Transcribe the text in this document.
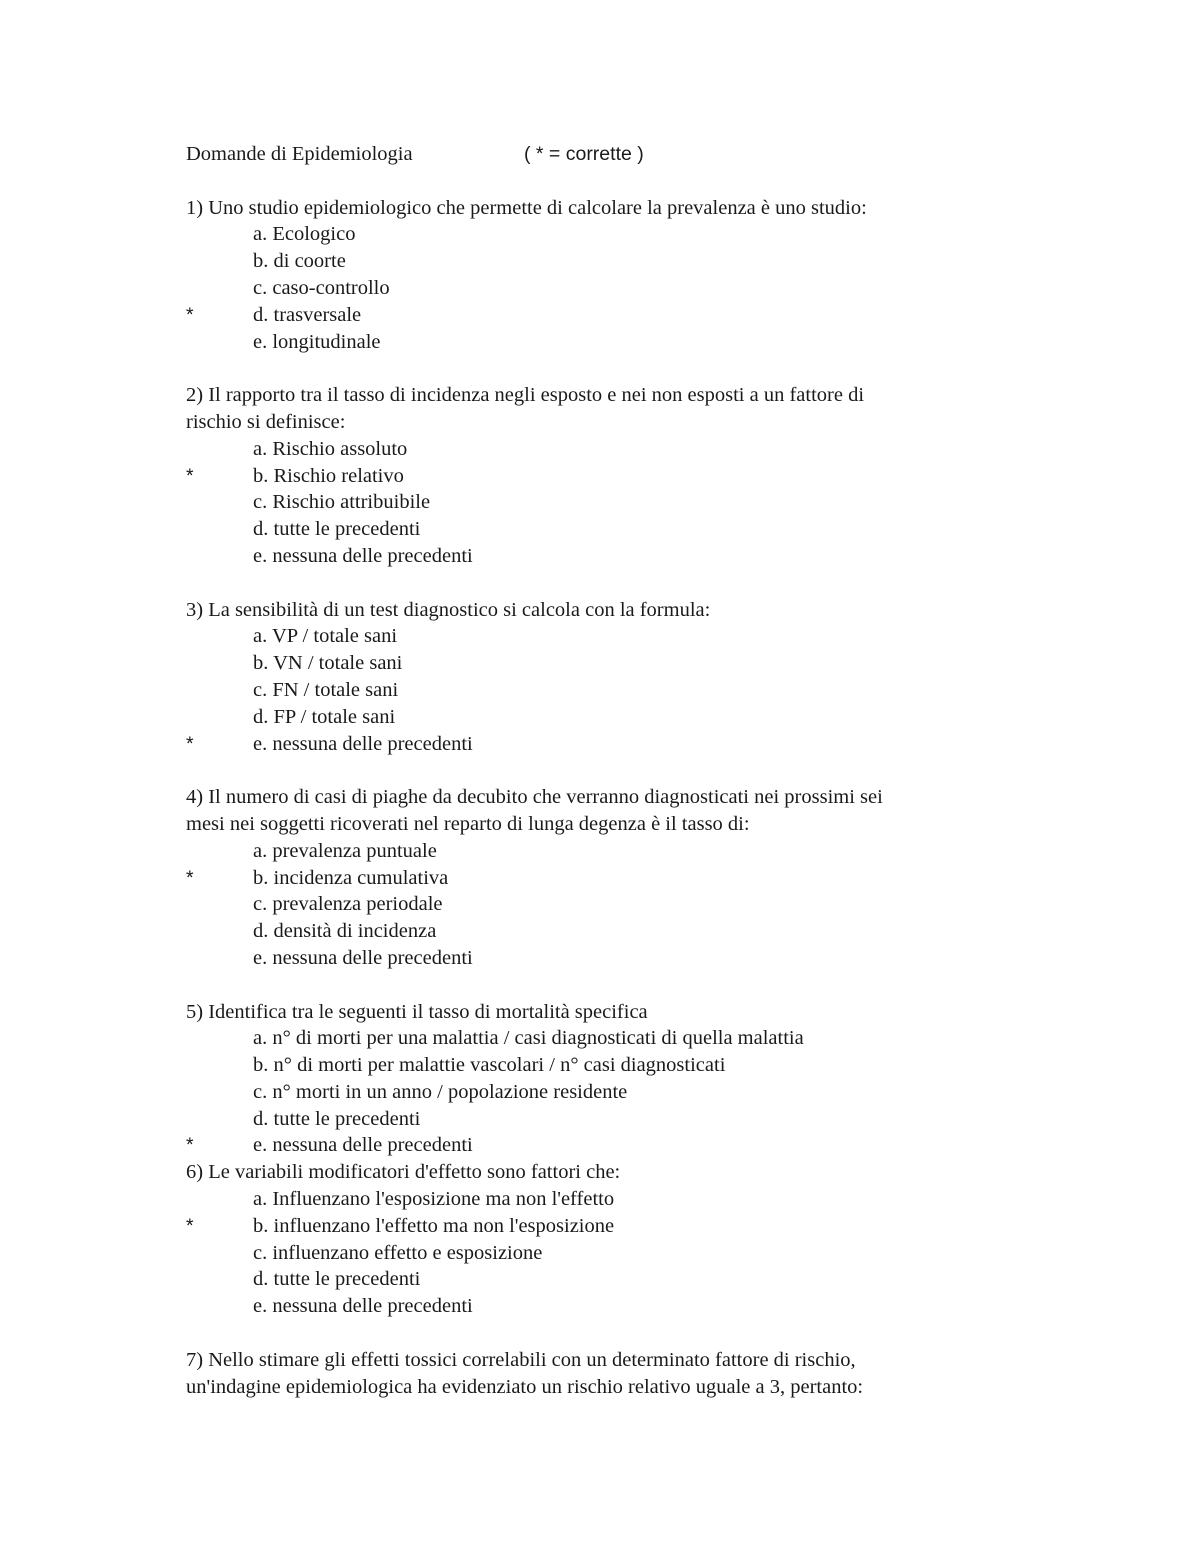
Domande di Epidemiologia	( * = corrette )
1) Uno studio epidemiologico che permette di calcolare la prevalenza è uno studio:
a. Ecologico
b. di coorte
c. caso-controllo
*	d. trasversale
e. longitudinale
2) Il rapporto tra il tasso di incidenza negli esposto e nei non esposti a un fattore di
rischio si definisce:
a. Rischio assoluto
*	b. Rischio relativo
c. Rischio attribuibile
d. tutte le precedenti
e. nessuna delle precedenti
3) La sensibilità di un test diagnostico si calcola con la formula:
a. VP / totale sani
b. VN / totale sani
c. FN / totale sani
d. FP / totale sani
*	e. nessuna delle precedenti
4) Il numero di casi di piaghe da decubito che verranno diagnosticati nei prossimi sei
mesi nei soggetti ricoverati nel reparto di lunga degenza è il tasso di:
a. prevalenza puntuale
*	b. incidenza cumulativa
c. prevalenza periodale
d. densità di incidenza
e. nessuna delle precedenti
5) Identifica tra le seguenti il tasso di mortalità specifica
a. n° di morti per una malattia / casi diagnosticati di quella malattia
b. n° di morti per malattie vascolari / n° casi diagnosticati
c. n° morti in un anno / popolazione residente
d. tutte le precedenti
*	e. nessuna delle precedenti
6) Le variabili modificatori d'effetto sono fattori che:
a. Influenzano l'esposizione ma non l'effetto
*	b. influenzano l'effetto ma non l'esposizione
c. influenzano effetto e esposizione
d. tutte le precedenti
e. nessuna delle precedenti
7) Nello stimare gli effetti tossici correlabili con un determinato fattore di rischio,
un'indagine epidemiologica ha evidenziato un rischio relativo uguale a 3, pertanto:
